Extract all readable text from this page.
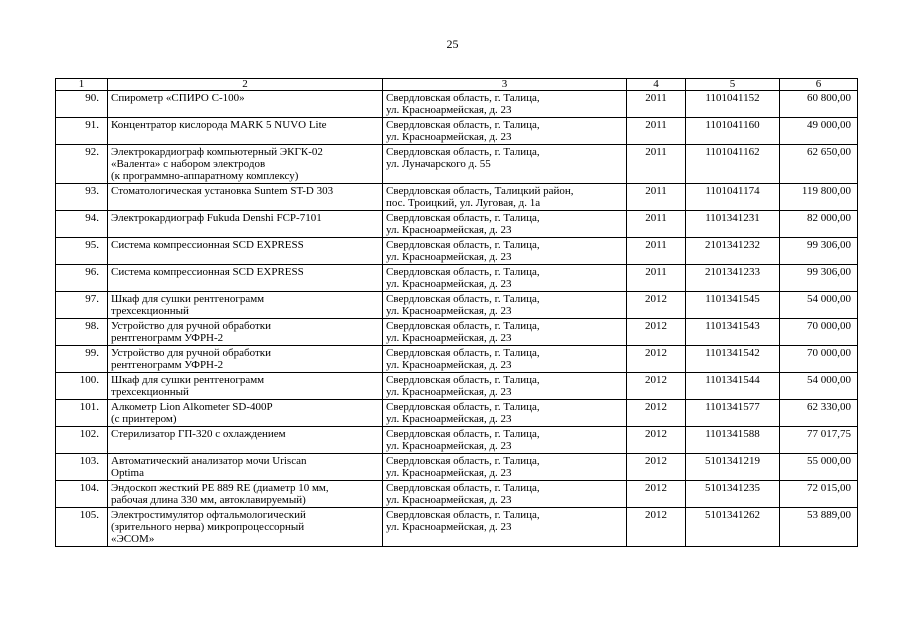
25
1	2	3	4	5	6
90.	Спирометр «СПИРО С-100»	Свердловская область, г. Талица,
ул. Красноармейская, д. 23	2011	1101041152	60 800,00
91.	Концентратор кислорода MARK 5 NUVO Lite	Свердловская область, г. Талица,
ул. Красноармейская, д. 23	2011	1101041160	49 000,00
92.	Электрокардиограф компьютерный ЭКГК-02
«Валента» с набором электродов
(к программно-аппаратному комплексу)	Свердловская область, г. Талица,
ул. Луначарского д. 55	2011	1101041162	62 650,00
93.	Стоматологическая установка Suntem ST-D 303	Свердловская область, Талицкий район,
пос. Троицкий, ул. Луговая, д. 1а	2011	1101041174	119 800,00
94.	Электрокардиограф Fukuda Denshi FCP-7101	Свердловская область, г. Талица,
ул. Красноармейская, д. 23	2011	1101341231	82 000,00
95.	Система компрессионная SCD EXPRESS	Свердловская область, г. Талица,
ул. Красноармейская, д. 23	2011	2101341232	99 306,00
96.	Система компрессионная SCD EXPRESS	Свердловская область, г. Талица,
ул. Красноармейская, д. 23	2011	2101341233	99 306,00
97.	Шкаф для сушки рентгенограмм
трехсекционный	Свердловская область, г. Талица,
ул. Красноармейская, д. 23	2012	1101341545	54 000,00
98.	Устройство для ручной обработки
рентгенограмм УФРН-2	Свердловская область, г. Талица,
ул. Красноармейская, д. 23	2012	1101341543	70 000,00
99.	Устройство для ручной обработки
рентгенограмм УФРН-2	Свердловская область, г. Талица,
ул. Красноармейская, д. 23	2012	1101341542	70 000,00
100.	Шкаф для сушки рентгенограмм
трехсекционный	Свердловская область, г. Талица,
ул. Красноармейская, д. 23	2012	1101341544	54 000,00
101.	Алкометр Lion Alkometer SD-400P
(с принтером)	Свердловская область, г. Талица,
ул. Красноармейская, д. 23	2012	1101341577	62 330,00
102.	Стерилизатор ГП-320 с охлаждением	Свердловская область, г. Талица,
ул. Красноармейская, д. 23	2012	1101341588	77 017,75
103.	Автоматический анализатор мочи Uriscan
Optima	Свердловская область, г. Талица,
ул. Красноармейская, д. 23	2012	5101341219	55 000,00
104.	Эндоскоп жесткий PE 889 RE (диаметр 10 мм,
рабочая длина 330 мм, автоклавируемый)	Свердловская область, г. Талица,
ул. Красноармейская, д. 23	2012	5101341235	72 015,00
105.	Электростимулятор офтальмологический
(зрительного нерва) микропроцессорный
«ЭСОМ»	Свердловская область, г. Талица,
ул. Красноармейская, д. 23	2012	5101341262	53 889,00
